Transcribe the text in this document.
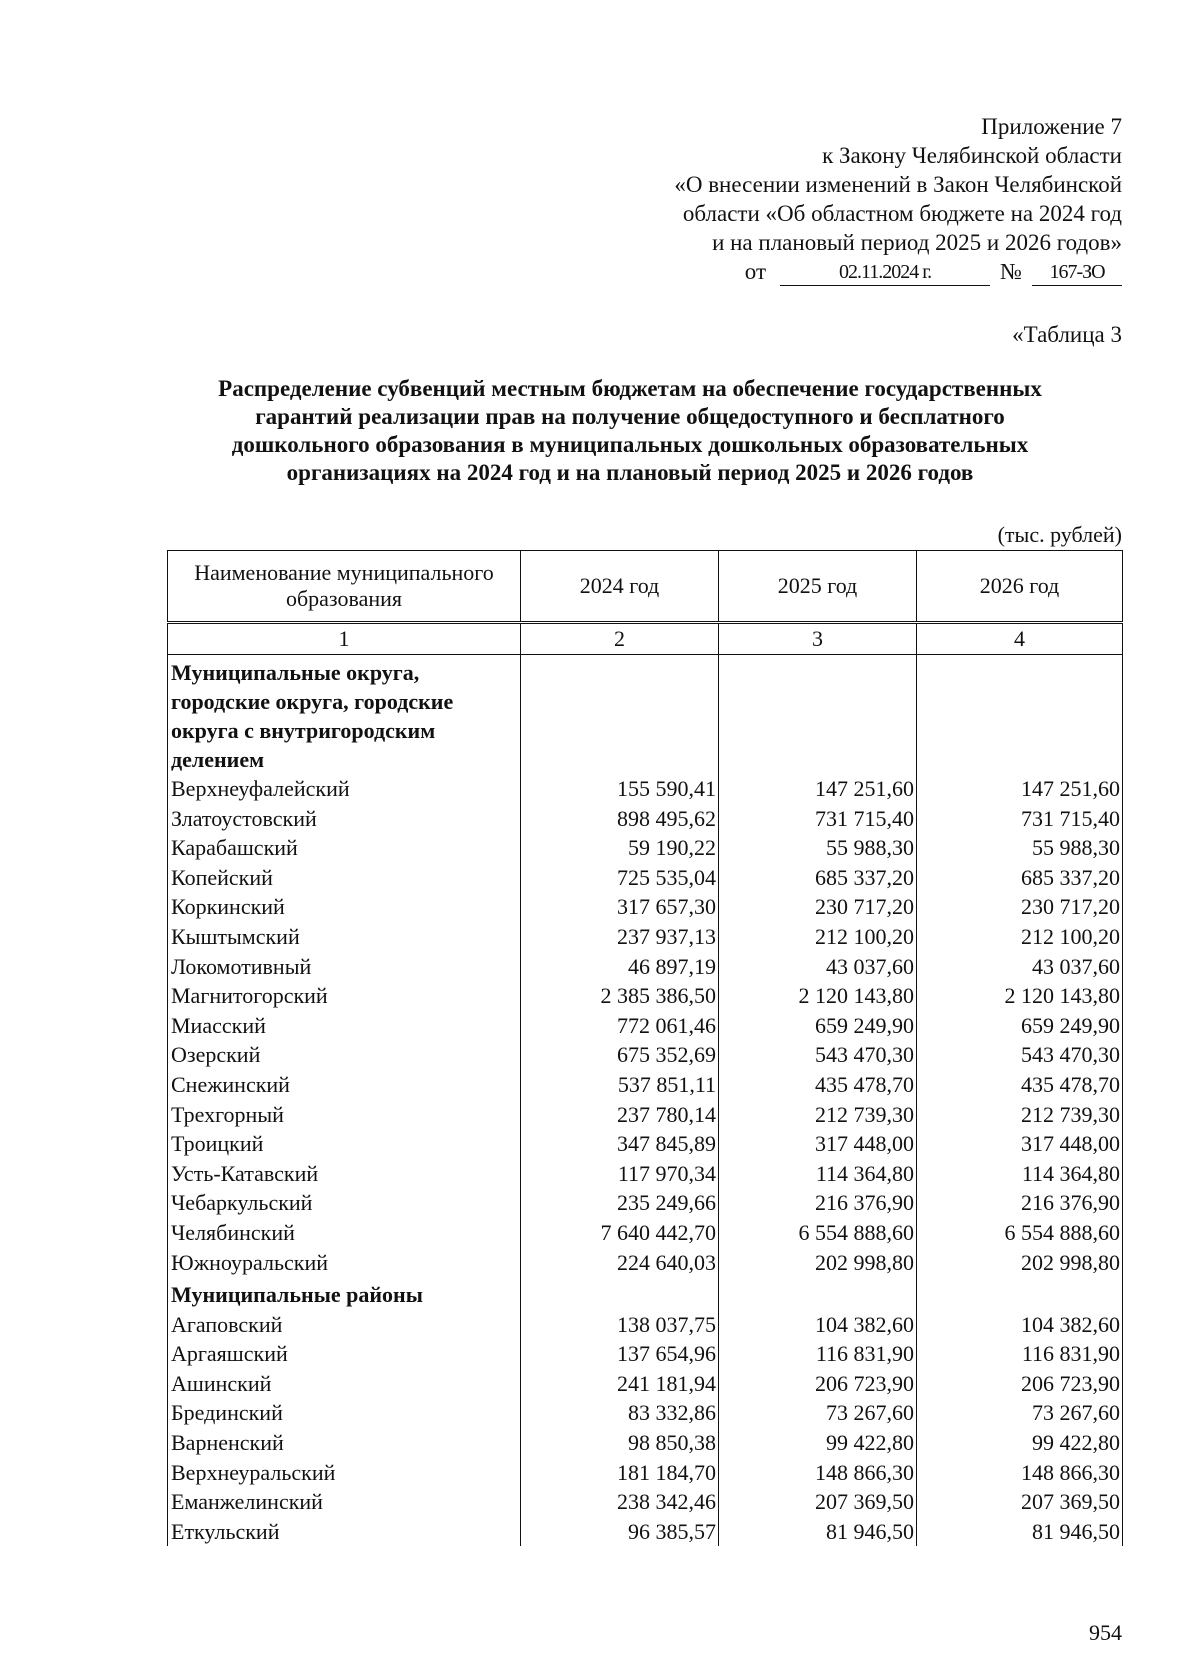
Приложение 7
к Закону Челябинской области
«О внесении изменений в Закон Челябинской
области «Об областном бюджете на 2024 год
и на плановый период 2025 и 2026 годов»
от	02.11.2024 г.	№	167-ЗО
«Таблица 3
Распределение субвенций местным бюджетам на обеспечение государственных
гарантий реализации прав на получение общедоступного и бесплатного
дошкольного образования в муниципальных дошкольных образовательных
организациях на 2024 год и на плановый период 2025 и 2026 годов
(тыс. рублей)
Наименование муниципального образования	2024 год	2025 год	2026 год
1	2	3	4
Муниципальные округа, городские округа, городские округа с внутригородским делением			
Верхнеуфалейский	155 590,41	147 251,60	147 251,60
Златоустовский	898 495,62	731 715,40	731 715,40
Карабашский	59 190,22	55 988,30	55 988,30
Копейский	725 535,04	685 337,20	685 337,20
Коркинский	317 657,30	230 717,20	230 717,20
Кыштымский	237 937,13	212 100,20	212 100,20
Локомотивный	46 897,19	43 037,60	43 037,60
Магнитогорский	2 385 386,50	2 120 143,80	2 120 143,80
Миасский	772 061,46	659 249,90	659 249,90
Озерский	675 352,69	543 470,30	543 470,30
Снежинский	537 851,11	435 478,70	435 478,70
Трехгорный	237 780,14	212 739,30	212 739,30
Троицкий	347 845,89	317 448,00	317 448,00
Усть-Катавский	117 970,34	114 364,80	114 364,80
Чебаркульский	235 249,66	216 376,90	216 376,90
Челябинский	7 640 442,70	6 554 888,60	6 554 888,60
Южноуральский	224 640,03	202 998,80	202 998,80
Муниципальные районы			
Агаповский	138 037,75	104 382,60	104 382,60
Аргаяшский	137 654,96	116 831,90	116 831,90
Ашинский	241 181,94	206 723,90	206 723,90
Брединский	83 332,86	73 267,60	73 267,60
Варненский	98 850,38	99 422,80	99 422,80
Верхнеуральский	181 184,70	148 866,30	148 866,30
Еманжелинский	238 342,46	207 369,50	207 369,50
Еткульский	96 385,57	81 946,50	81 946,50
954
